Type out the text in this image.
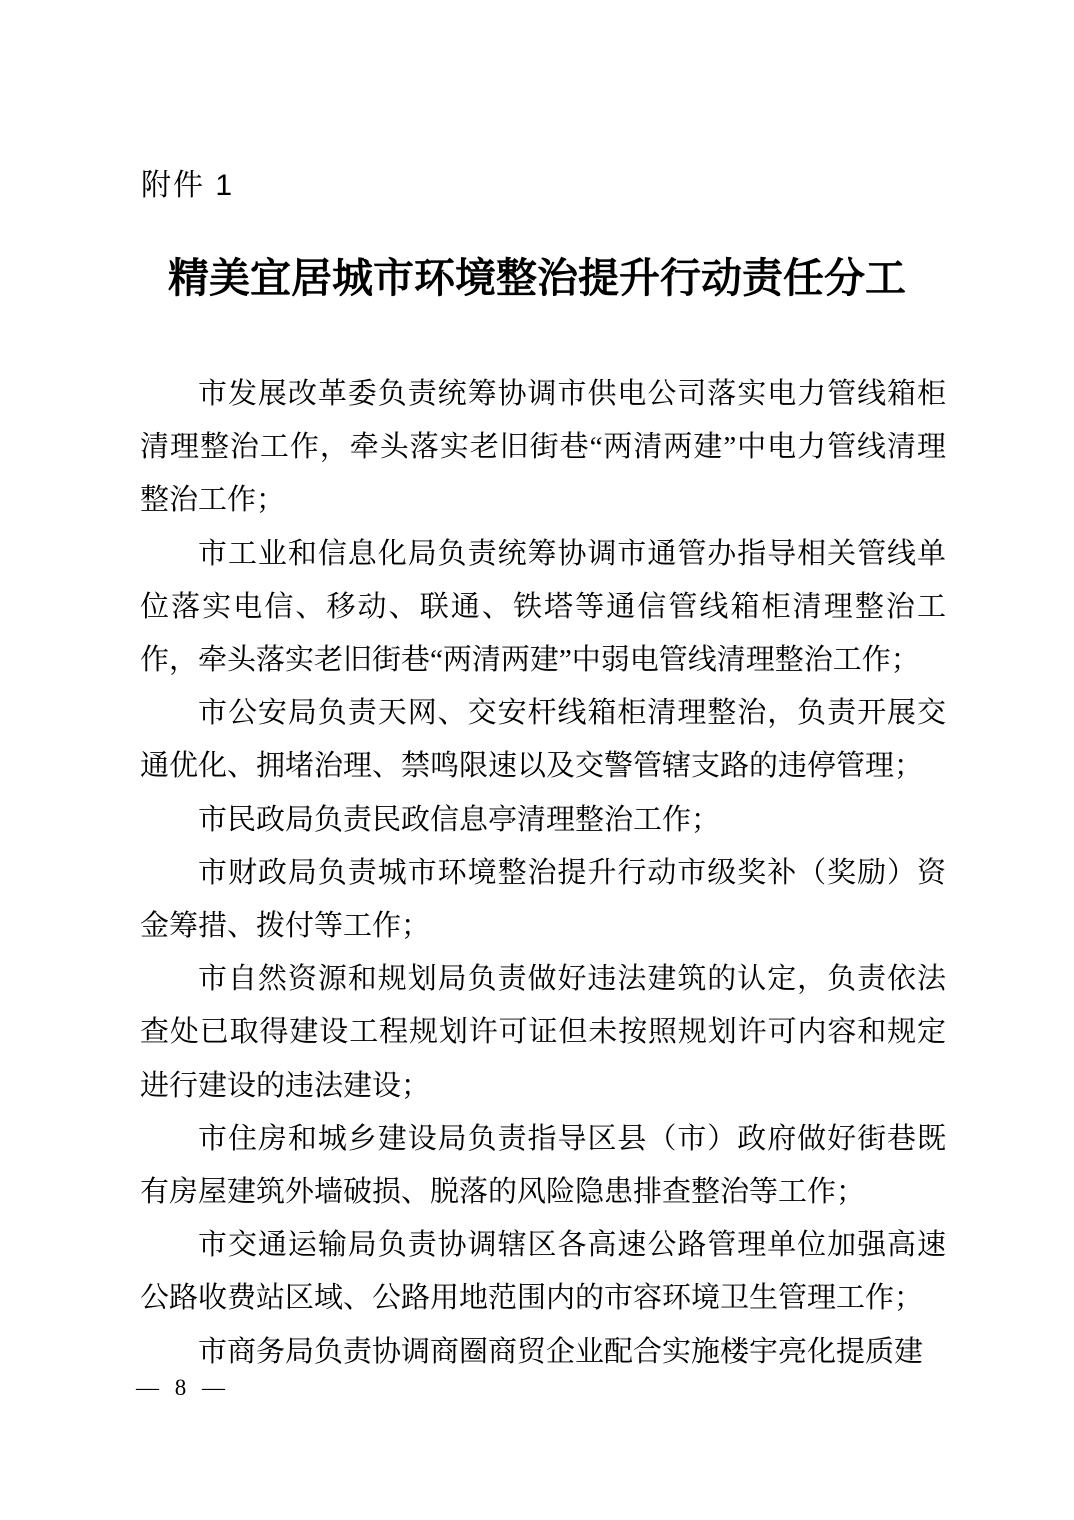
附件 1
精美宜居城市环境整治提升行动责任分工

市发展改革委负责统筹协调市供电公司落实电力管线箱柜清理整治工作，牵头落实老旧街巷“两清两建”中电力管线清理整治工作；

市工业和信息化局负责统筹协调市通管办指导相关管线单位落实电信、移动、联通、铁塔等通信管线箱柜清理整治工作，牵头落实老旧街巷“两清两建”中弱电管线清理整治工作；

市公安局负责天网、交安杆线箱柜清理整治，负责开展交通优化、拥堵治理、禁鸣限速以及交警管辖支路的违停管理；

市民政局负责民政信息亭清理整治工作；

市财政局负责城市环境整治提升行动市级奖补（奖励）资金筹措、拨付等工作；

市自然资源和规划局负责做好违法建筑的认定，负责依法查处已取得建设工程规划许可证但未按照规划许可内容和规定进行建设的违法建设；

市住房和城乡建设局负责指导区县（市）政府做好街巷既有房屋建筑外墙破损、脱落的风险隐患排查整治等工作；

市交通运输局负责协调辖区各高速公路管理单位加强高速公路收费站区域、公路用地范围内的市容环境卫生管理工作；

市商务局负责协调商圈商贸企业配合实施楼宇亮化提质建

— 8 —
